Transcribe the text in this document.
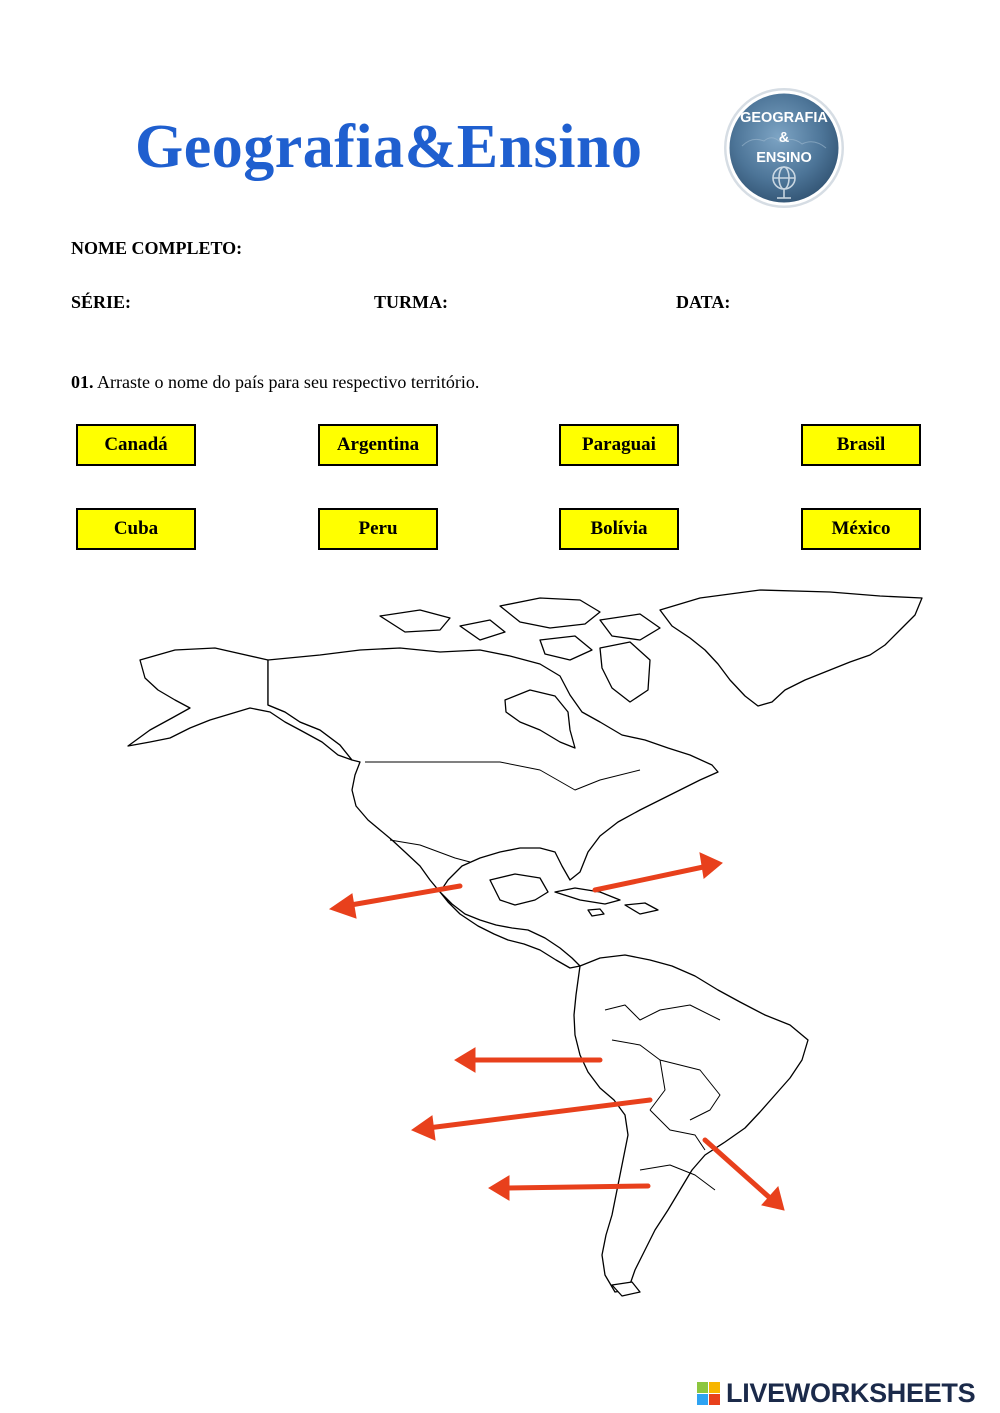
Geografia&Ensino	GEOGRAFIA
&
ENSINO
NOME COMPLETO:
SÉRIE:	TURMA:	DATA:
01. Arraste o nome do país para seu respectivo território.
Canadá	Argentina	Paraguai	Brasil
Cuba	Peru	Bolívia	México
LIVEWORKSHEETS
